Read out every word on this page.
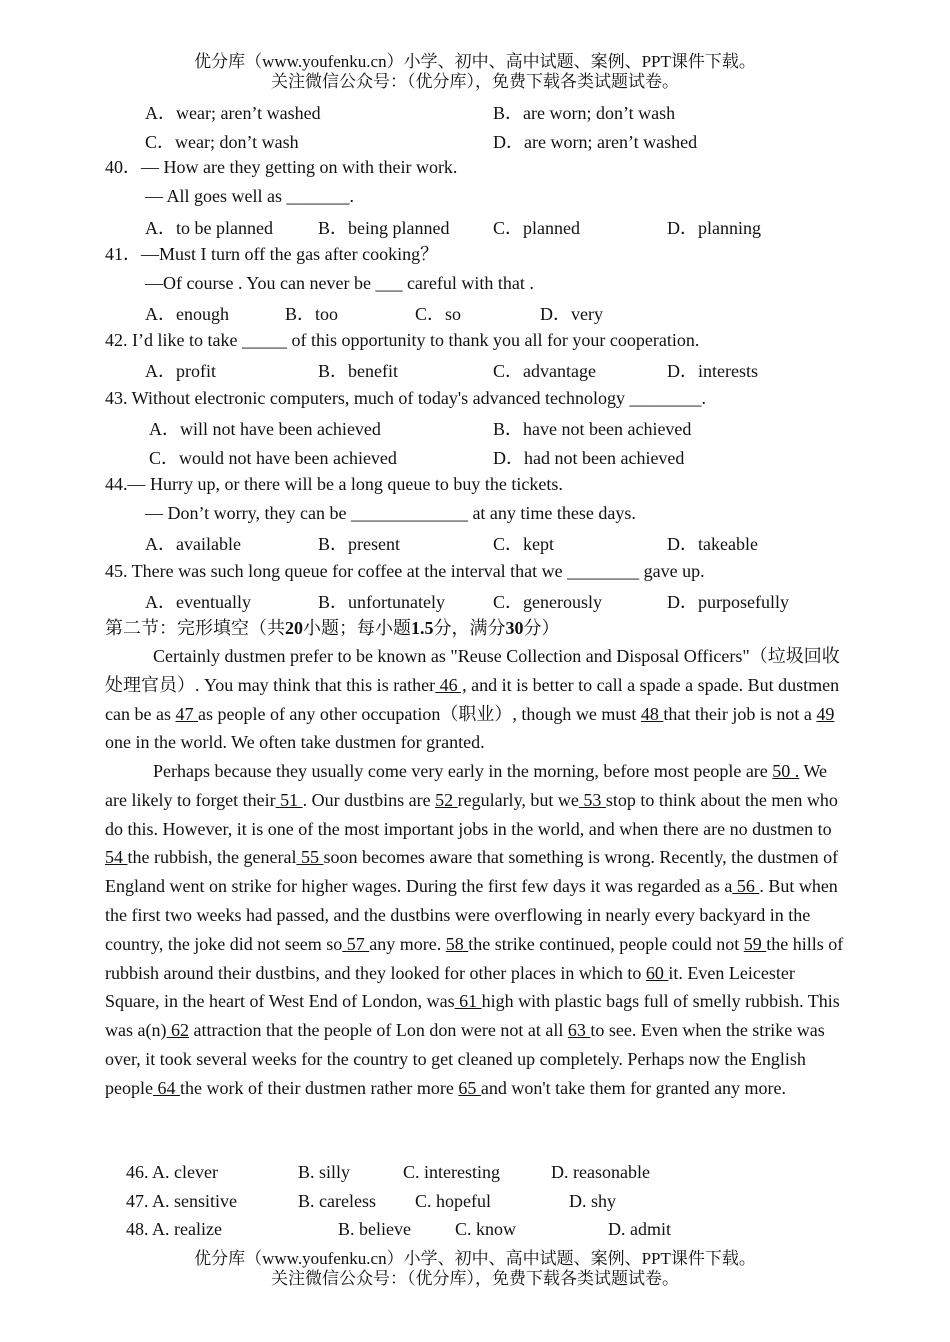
优分库（www.youfenku.cn）小学、初中、高中试题、案例、PPT课件下载。
关注微信公众号：（优分库），免费下载各类试题试卷。
A．wear; aren’t washed	B．are worn; don’t wash
C．wear; don’t wash	D．are worn; aren’t washed
40．— How are they getting on with their work.
— All goes well as _______.
A．to be planned	B．being planned C．planned	D．planning
41．—Must I turn off the gas after cooking？
—Of course . You can never be ___ careful with that .
A．enough	B．too	C．so	D．very
42. I’d like to take _____ of this opportunity to thank you all for your cooperation.
A．profit	B．benefit	C．advantage	D．interests
43. Without electronic computers, much of today's advanced technology ________.
A．will not have been achieved	B．have not been achieved
C．would not have been achieved	D．had not been achieved
44.— Hurry up, or there will be a long queue to buy the tickets.
— Don’t worry, they can be _____________ at any time these days.
A．available	B．present	C．kept	D．takeable
45. There was such long queue for coffee at the interval that we ________ gave up.
A．eventually	B．unfortunately	C．generously	D．purposefully
第二节：完形填空（共20小题；每小题1.5分，满分30分）
Certainly dustmen prefer to be known as "Reuse Collection and Disposal Officers"（垃圾回收处理官员）. You may think that this is rather 46 , and it is better to call a spade a spade. But dustmen can be as 47 as people of any other occupation（职业）, though we must 48 that their job is not a 49 one in the world. We often take dustmen for granted.
Perhaps because they usually come very early in the morning, before most people are 50 . We are likely to forget their 51 . Our dustbins are 52 regularly, but we 53 stop to think about the men who do this. However, it is one of the most important jobs in the world, and when there are no dustmen to 54 the rubbish, the general 55 soon becomes aware that something is wrong. Recently, the dustmen of England went on strike for higher wages. During the first few days it was regarded as a 56 . But when the first two weeks had passed, and the dustbins were overflowing in nearly every backyard in the country, the joke did not seem so 57 any more. 58 the strike continued, people could not 59 the hills of rubbish around their dustbins, and they looked for other places in which to 60 it. Even Leicester Square, in the heart of West End of London, was 61 high with plastic bags full of smelly rubbish. This was a(n) 62 attraction that the people of Lon don were not at all 63 to see. Even when the strike was over, it took several weeks for the country to get cleaned up completely. Perhaps now the English people 64 the work of their dustmen rather more 65 and won't take them for granted any more.
46. A. clever	B. silly	C. interesting	D. reasonable
47. A. sensitive	B. careless C. hopeful	D. shy
48. A. realize	B. believe C. know	D. admit
优分库（www.youfenku.cn）小学、初中、高中试题、案例、PPT课件下载。
关注微信公众号：（优分库），免费下载各类试题试卷。
